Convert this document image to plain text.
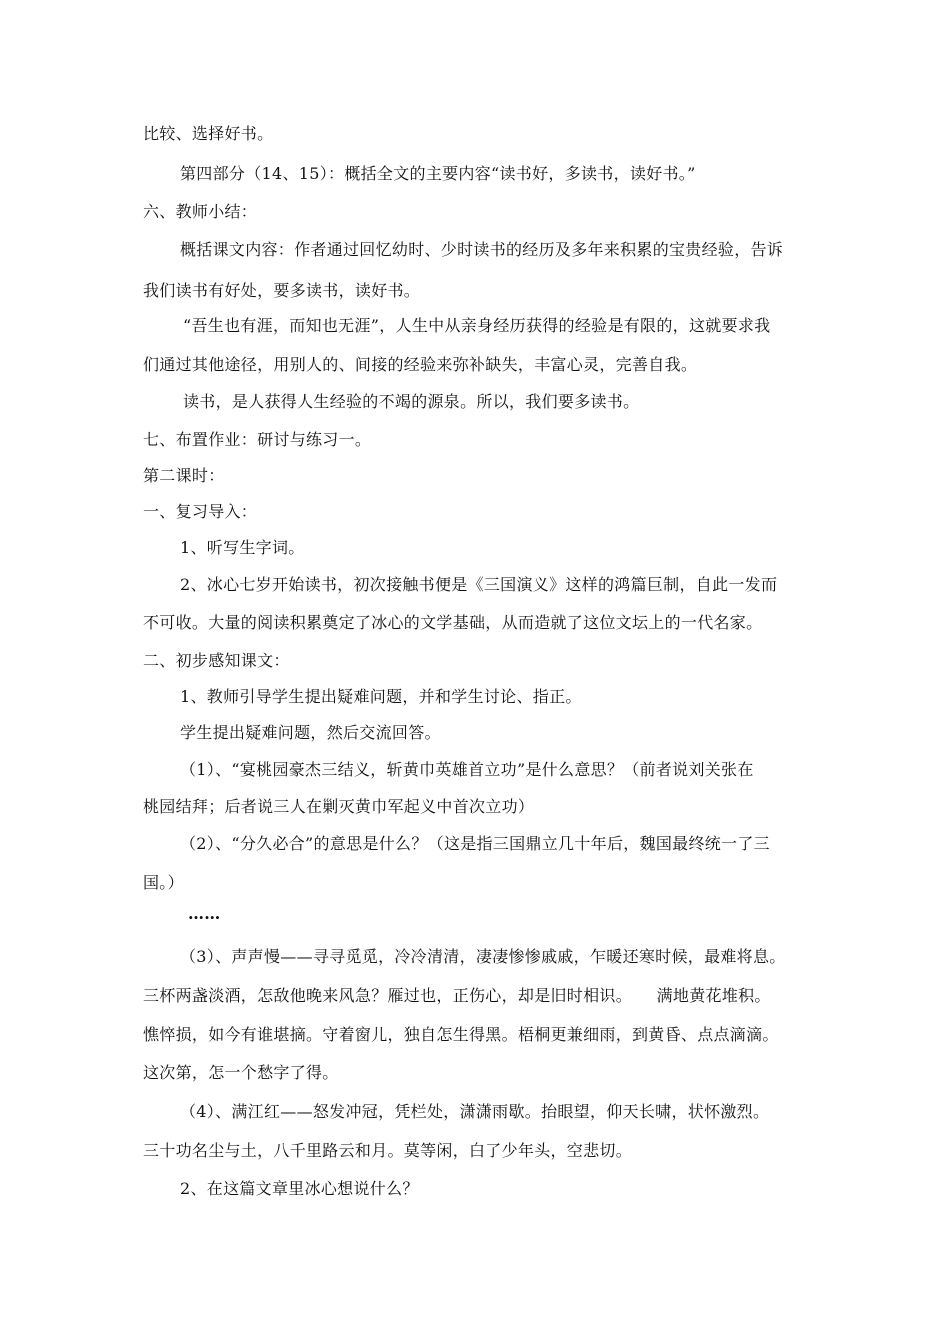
比较、选择好书。
第四部分（14、15）：概括全文的主要内容“读书好，多读书，读好书。”
六、教师小结：
概括课文内容：作者通过回忆幼时、少时读书的经历及多年来积累的宝贵经验，告诉
我们读书有好处，要多读书，读好书。
“吾生也有涯，而知也无涯”，人生中从亲身经历获得的经验是有限的，这就要求我
们通过其他途径，用别人的、间接的经验来弥补缺失，丰富心灵，完善自我。
读书，是人获得人生经验的不竭的源泉。所以，我们要多读书。
七、布置作业：研讨与练习一。
第二课时：
一、复习导入：
1、听写生字词。
2、冰心七岁开始读书，初次接触书便是《三国演义》这样的鸿篇巨制，自此一发而
不可收。大量的阅读积累奠定了冰心的文学基础，从而造就了这位文坛上的一代名家。
二、初步感知课文：
1、教师引导学生提出疑难问题，并和学生讨论、指正。
学生提出疑难问题，然后交流回答。
（1）、“宴桃园豪杰三结义，斩黄巾英雄首立功”是什么意思？（前者说刘关张在
桃园结拜；后者说三人在剿灭黄巾军起义中首次立功）
（2）、“分久必合”的意思是什么？（这是指三国鼎立几十年后，魏国最终统一了三
国。）
……
（3）、声声慢——寻寻觅觅，冷冷清清，凄凄惨惨戚戚，乍暖还寒时候，最难将息。
三杯两盏淡酒，怎敌他晚来风急？雁过也，正伤心，却是旧时相识。　　满地黄花堆积。
憔悴损，如今有谁堪摘。守着窗儿，独自怎生得黑。梧桐更兼细雨，到黄昏、点点滴滴。
这次第，怎一个愁字了得。
（4）、满江红——怒发冲冠，凭栏处，潇潇雨歇。抬眼望，仰天长啸，状怀激烈。
三十功名尘与土，八千里路云和月。莫等闲，白了少年头，空悲切。
2、在这篇文章里冰心想说什么？
